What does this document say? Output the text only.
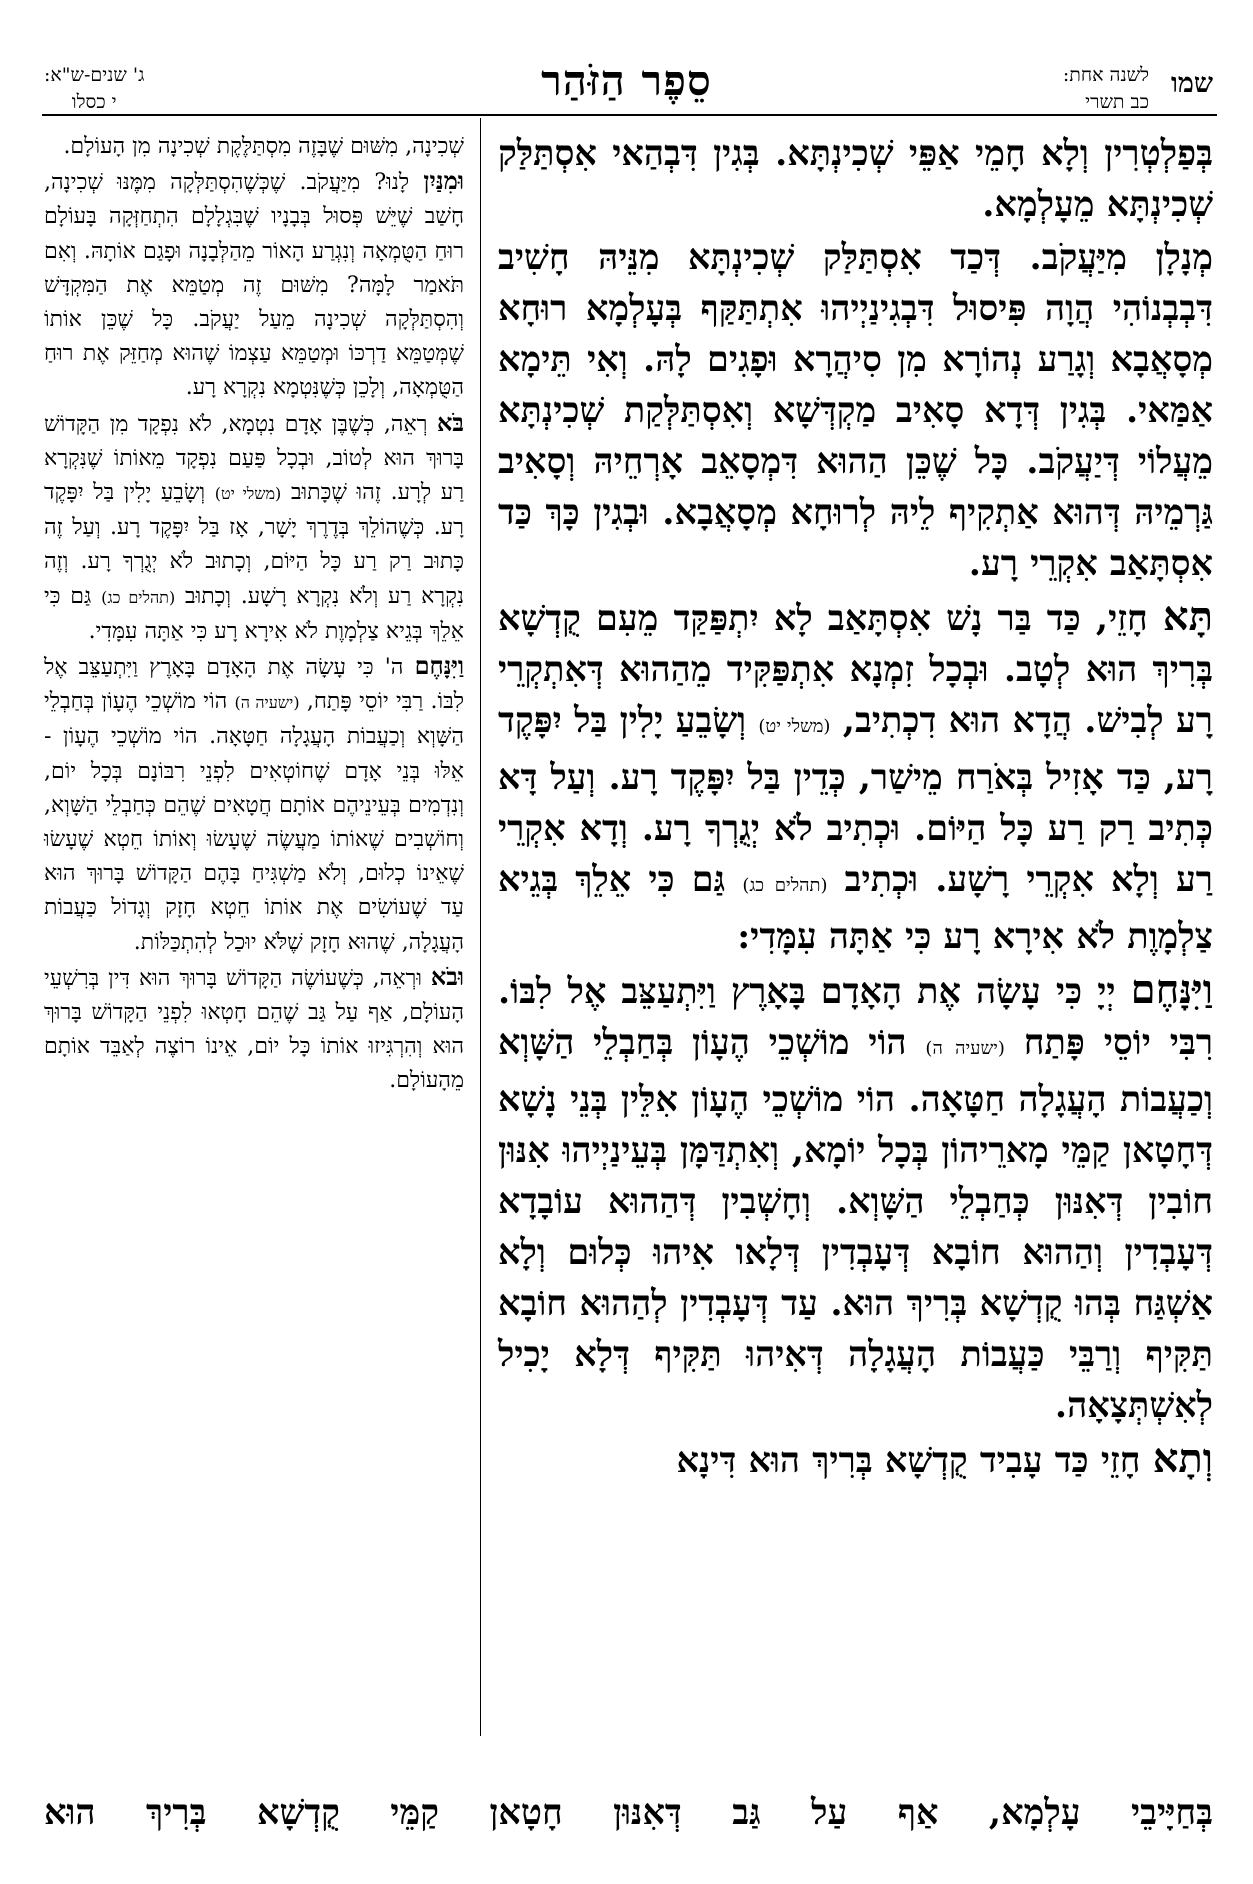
שמו
לשנה אחת:
כב תשרי
סֵפֶר הַזֹּהַר
ג' שנים-ש"א:
י כסלו

בְּפַלְטְרִין וְלָא חָמֵי אַפֵּי שְׁכִינְתָּא. בְּגִין דִּבְהַאי אִסְתַּלַּק שְׁכִינְתָּא מֵעָלְמָא.

מְנָלָן מִיַּעֲקֹב. דְּכַד אִסְתַּלַּק שְׁכִינְתָּא מִנֵּיהּ חָשִׁיב דִּבְבְנוֹהִי הֲוָה פִּיסוּל דִּבְגִינַיְיהוּ אִתְתַּקַּף בְּעָלְמָא רוּחָא מְסָאֲבָא וְגָרַע נְהוֹרָא מִן סִיהֲרָא וּפָגִים לָהּ. וְאִי תֵּימָא אַמַּאי. בְּגִין דְּדָא סָאִיב מַקְדְּשָׁא וְאִסְתַּלְּקַת שְׁכִינְתָּא מֵעֲלוֹי דְּיַעֲקֹב. כָּל שֶׁכֵּן הַהוּא דִּמְסָאֵב אָרְחֵיהּ וְסָאִיב גַּרְמֵיהּ דְּהוּא אַתְקִיף לֵיהּ לְרוּחָא מְסָאֲבָא. וּבְגִין כָּךְ כַּד אִסְתָּאַב אִקְרֵי רָע.

תָּא חָזֵי, כַּד בַּר נָשׁ אִסְתָּאַב לָא יִתְפַּקַּד מֵעִם קֻדְשָׁא בְּרִיךְ הוּא לְטָב. וּבְכָל זִמְנָא אִתְפַּקִּיד מֵהַהוּא דְּאִתְקְרֵי רָע לְבִישׁ. הֲדָא הוּא דִכְתִיב, (משלי יט) וְשָׂבֵעַ יָלִין בַּל יִפָּקֶד רָע, כַּד אָזִיל בְּאֹרַח מֵישַׁר, כְּדֵין בַּל יִפָּקֶד רָע. וְעַל דָּא כְּתִיב רַק רַע כָּל הַיּוֹם. וּכְתִיב לֹא יְגֻרְךָ רָע. וְדָא אִקְרֵי רַע וְלָא אִקְרֵי רָשָׁע. וּכְתִיב (תהלים כג) גַּם כִּי אֵלֵךְ בְּגֵיא צַלְמָוֶת לֹא אִירָא רָע כִּי אַתָּה עִמָּדִי:

וַיִּנָּחֶם יְיָ כִּי עָשָׂה אֶת הָאָדָם בָּאָרֶץ וַיִּתְעַצֵּב אֶל לִבּוֹ. רִבִּי יוֹסֵי פָּתַח (ישעיה ה) הוֹי מוֹשְׁכֵי הֶעָוֹן בְּחַבְלֵי הַשָּׁוְא וְכַעֲבוֹת הָעֲגָלָה חַטָּאָה. הוֹי מוֹשְׁכֵי הֶעָוֹן אִלֵּין בְּנֵי נָשָׁא דְּחָטָאן קַמֵּי מָארֵיהוֹן בְּכָל יוֹמָא, וְאִתְדַּמָּן בְּעֵינַיְיהוּ אִנּוּן חוֹבִין דְּאִנּוּן כְּחַבְלֵי הַשָּׁוְא. וְחָשְׁבִין דְּהַהוּא עוֹבָדָא דְּעָבְדִין וְהַהוּא חוֹבָא דְּעָבְדִין דְּלָאו אִיהוּ כְּלוּם וְלָא אַשְׁגַּח בְּהוּ קֻדְשָׁא בְּרִיךְ הוּא. עַד דְּעָבְדִין לְהַהוּא חוֹבָא תַּקִּיף וְרַבֵּי כַּעֲבוֹת הָעֲגָלָה דְּאִיהוּ תַּקִּיף דְּלָא יָכִיל לְאִשְׁתְּצָאָה.

וְתָא חָזֵי כַּד עָבִיד קֻדְשָׁא בְּרִיךְ הוּא דִּינָא

שְׁכִינָה, מִשּׁוּם שֶׁבָּזֶה מִסְתַּלֶּקֶת שְׁכִינָה מִן הָעוֹלָם.

וּמִנַּיִן לָנוּ? מִיַּעֲקֹב. שֶׁכְּשֶׁהִסְתַּלְּקָה מִמֶּנּוּ שְׁכִינָה, חָשַׁב שֶׁיֵּשׁ פְּסוּל בְּבָנָיו שֶׁבִּגְלָלָם הִתְחַזְּקָה בָּעוֹלָם רוּחַ הַטֻּמְאָה וְנִגְרַע הָאוֹר מֵהַלְּבָנָה וּפָגַם אוֹתָהּ. וְאִם תֹּאמַר לָמָּה? מִשּׁוּם זֶה מְטַמֵּא אֶת הַמִּקְדָּשׁ וְהִסְתַּלְּקָה שְׁכִינָה מֵעַל יַעֲקֹב. כָּל שֶׁכֵּן אוֹתוֹ שֶׁמְּטַמֵּא דַרְכּוֹ וּמְטַמֵּא עַצְמוֹ שֶׁהוּא מְחַזֵּק אֶת רוּחַ הַטֻּמְאָה, וְלָכֵן כְּשֶׁנִּטְמָא נִקְרָא רָע.

בֹּא רְאֵה, כְּשֶׁבֶּן אָדָם נִטְמָא, לֹא נִפְקָד מִן הַקָּדוֹשׁ בָּרוּךְ הוּא לְטוֹב, וּבְכָל פַּעַם נִפְקָד מֵאוֹתוֹ שֶׁנִּקְרָא רַע לְרָע. זֶהוּ שֶׁכָּתוּב (משלי יט) וְשָׂבֵעַ יָלִין בַּל יִפָּקֶד רָע. כְּשֶׁהוֹלֵךְ בְּדֶרֶךְ יָשָׁר, אָז בַּל יִפָּקֶד רָע. וְעַל זֶה כָּתוּב רַק רַע כָּל הַיּוֹם, וְכָתוּב לֹא יְגֻרְךָ רָע. וְזֶה נִקְרָא רַע וְלֹא נִקְרָא רָשָׁע. וְכָתוּב (תהלים כג) גַּם כִּי אֵלֵךְ בְּגֵיא צַלְמָוֶת לֹא אִירָא רָע כִּי אַתָּה עִמָּדִי.

וַיִּנָּחֶם ה' כִּי עָשָׂה אֶת הָאָדָם בָּאָרֶץ וַיִּתְעַצֵּב אֶל לִבּוֹ. רַבִּי יוֹסֵי פָּתַח, (ישעיה ה) הוֹי מוֹשְׁכֵי הֶעָוֹן בְּחַבְלֵי הַשָּׁוְא וְכַעֲבוֹת הָעֲגָלָה חַטָּאָה. הוֹי מוֹשְׁכֵי הֶעָוֹן - אֵלּוּ בְּנֵי אָדָם שֶׁחוֹטְאִים לִפְנֵי רִבּוֹנָם בְּכָל יוֹם, וְנִדְמִים בְּעֵינֵיהֶם אוֹתָם חֲטָאִים שֶׁהֵם כְּחַבְלֵי הַשָּׁוְא, וְחוֹשְׁבִים שֶׁאוֹתוֹ מַעֲשֶׂה שֶׁעָשׂוּ וְאוֹתוֹ חֵטְא שֶׁעָשׂוּ שֶׁאֵינוֹ כְלוּם, וְלֹא מַשְׁגִּיחַ בָּהֶם הַקָּדוֹשׁ בָּרוּךְ הוּא עַד שֶׁעוֹשִׂים אֶת אוֹתוֹ חֵטְא חָזָק וְגָדוֹל כַּעֲבוֹת הָעֲגָלָה, שֶׁהוּא חָזָק שֶׁלֹּא יוּכַל לְהִתְכַּלּוֹת.

וּבֹא וּרְאֵה, כְּשֶׁעוֹשֶׂה הַקָּדוֹשׁ בָּרוּךְ הוּא דִּין בְּרִשְׁעֵי הָעוֹלָם, אַף עַל גַּב שֶׁהֵם חָטְאוּ לִפְנֵי הַקָּדוֹשׁ בָּרוּךְ הוּא וְהִרְגִּיזוּ אוֹתוֹ כָּל יוֹם, אֵינוֹ רוֹצֶה לְאַבֵּד אוֹתָם מֵהָעוֹלָם.

בְּחַיָּיבֵי עָלְמָא, אַף עַל גַּב דְּאִנּוּן חָטָאן קַמֵּי קֻדְשָׁא בְּרִיךְ הוּא
